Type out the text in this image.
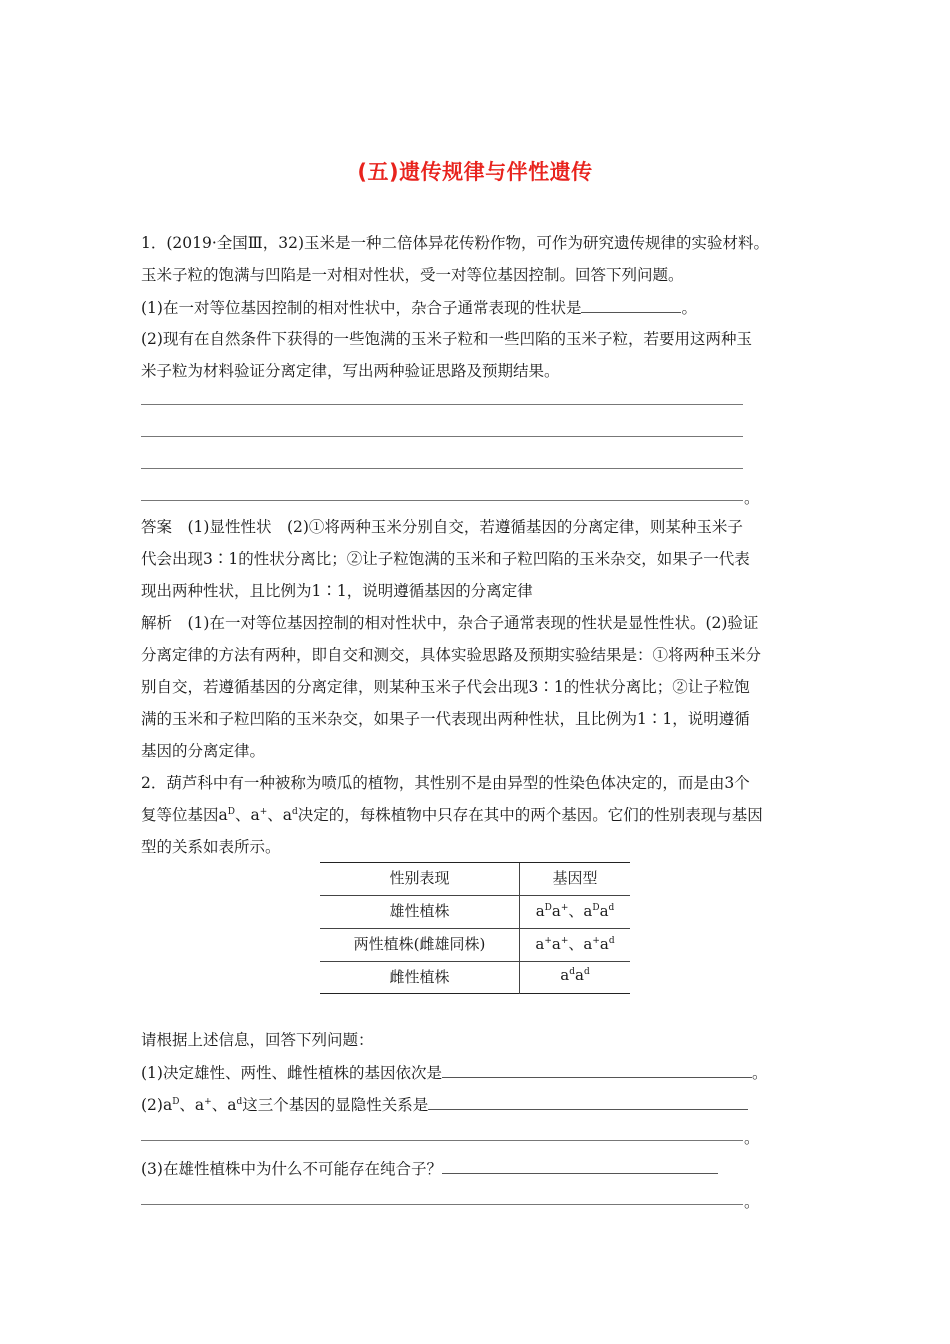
(五)遗传规律与伴性遗传
1．(2019·全国Ⅲ，32)玉米是一种二倍体异花传粉作物，可作为研究遗传规律的实验材料。
玉米子粒的饱满与凹陷是一对相对性状，受一对等位基因控制。回答下列问题。
(1)在一对等位基因控制的相对性状中，杂合子通常表现的性状是	。
(2)现有在自然条件下获得的一些饱满的玉米子粒和一些凹陷的玉米子粒，若要用这两种玉
米子粒为材料验证分离定律，写出两种验证思路及预期结果。
。
答案　(1)显性性状　(2)①将两种玉米分别自交，若遵循基因的分离定律，则某种玉米子
代会出现3∶1的性状分离比；②让子粒饱满的玉米和子粒凹陷的玉米杂交，如果子一代表
现出两种性状，且比例为1∶1，说明遵循基因的分离定律
解析　(1)在一对等位基因控制的相对性状中，杂合子通常表现的性状是显性性状。(2)验证
分离定律的方法有两种，即自交和测交，具体实验思路及预期实验结果是：①将两种玉米分
别自交，若遵循基因的分离定律，则某种玉米子代会出现3∶1的性状分离比；②让子粒饱
满的玉米和子粒凹陷的玉米杂交，如果子一代表现出两种性状，且比例为1∶1，说明遵循
基因的分离定律。
2．葫芦科中有一种被称为喷瓜的植物，其性别不是由异型的性染色体决定的，而是由3个
复等位基因$a^D$、a+、$a^d$决定的，每株植物中只存在其中的两个基因。它们的性别表现与基因
型的关系如表所示。
性别表现	基因型
雄性植株	$a^Da^+$、$a^Da^d$
两性植株(雌雄同株)	a+a+、$a^+a^d$
雌性植株	$a^da^d$
请根据上述信息，回答下列问题：
(1)决定雄性、两性、雌性植株的基因依次是	。
$(2)a^D$、a+、$a^d$这三个基因的显隐性关系是
。
(3)在雄性植株中为什么不可能存在纯合子？
。
